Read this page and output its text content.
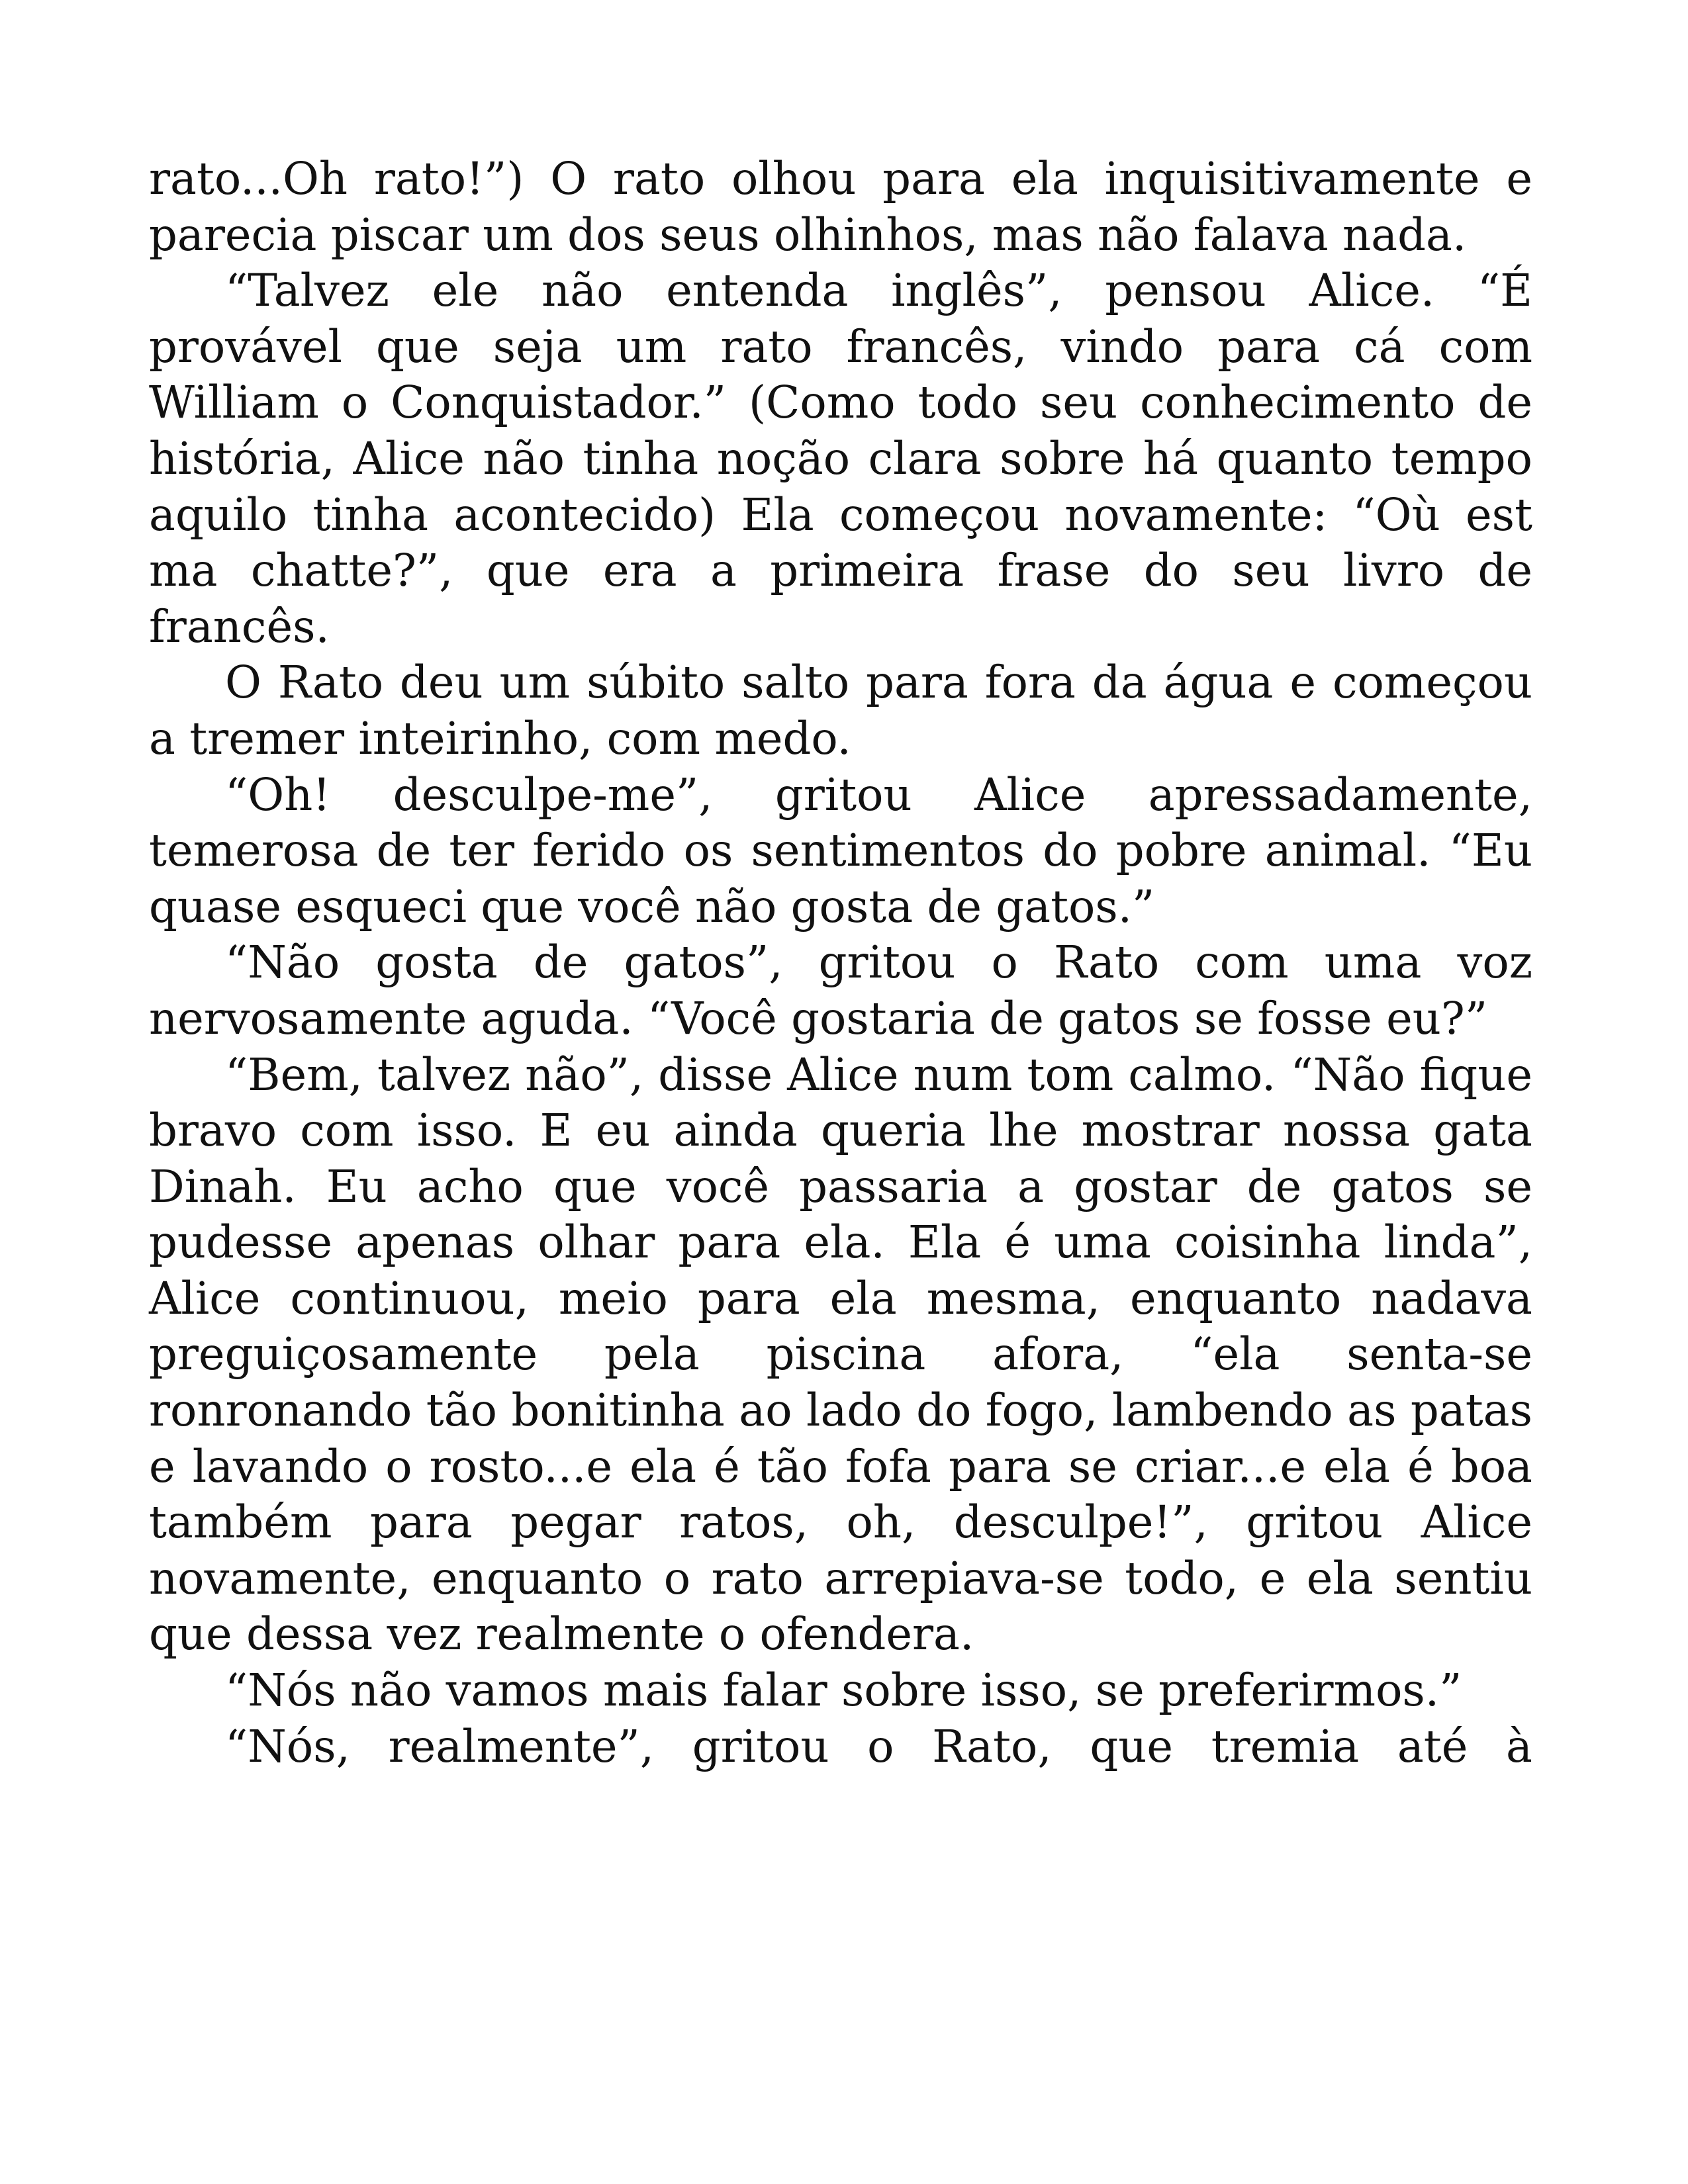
rato...Oh rato!”) O rato olhou para ela inquisitivamente e parecia piscar um dos seus olhinhos, mas não falava nada.

“Talvez ele não entenda inglês”, pensou Alice. “É provável que seja um rato francês, vindo para cá com William o Conquistador.” (Como todo seu conhecimento de história, Alice não tinha noção clara sobre há quanto tempo aquilo tinha acontecido) Ela começou novamente: “Où est ma chatte?”, que era a primeira frase do seu livro de francês.

O Rato deu um súbito salto para fora da água e começou a tremer inteirinho, com medo.

“Oh! desculpe-me”, gritou Alice apressadamente, temerosa de ter ferido os sentimentos do pobre animal. “Eu quase esqueci que você não gosta de gatos.”

“Não gosta de gatos”, gritou o Rato com uma voz nervosamente aguda. “Você gostaria de gatos se fosse eu?”

“Bem, talvez não”, disse Alice num tom calmo. “Não fique bravo com isso. E eu ainda queria lhe mostrar nossa gata Dinah. Eu acho que você passaria a gostar de gatos se pudesse apenas olhar para ela. Ela é uma coisinha linda”, Alice continuou, meio para ela mesma, enquanto nadava preguiçosamente pela piscina afora, “ela senta-se ronronando tão bonitinha ao lado do fogo, lambendo as patas e lavando o rosto...e ela é tão fofa para se criar...e ela é boa também para pegar ratos, oh, desculpe!”, gritou Alice novamente, enquanto o rato arrepiava-se todo, e ela sentiu que dessa vez realmente o ofendera.

“Nós não vamos mais falar sobre isso, se preferirmos.”

“Nós, realmente”, gritou o Rato, que tremia até à
